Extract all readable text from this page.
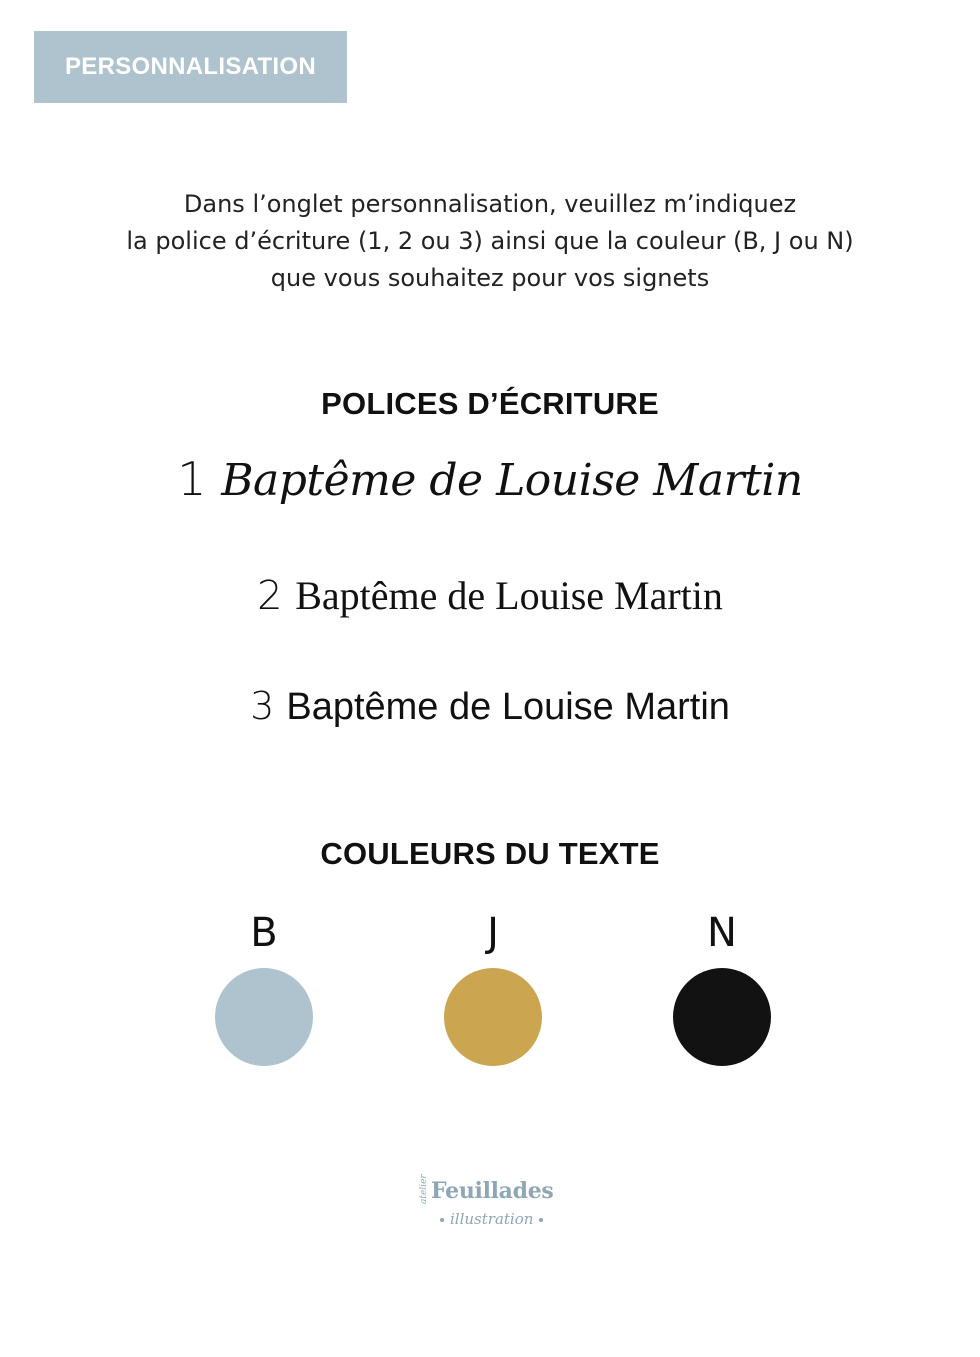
PERSONNALISATION
Dans l’onglet personnalisation, veuillez m’indiquez
la police d’écriture (1, 2 ou 3) ainsi que la couleur (B, J ou N)
que vous souhaitez pour vos signets
POLICES D’ÉCRITURE
1 Baptême de Louise Martin
2 Baptême de Louise Martin
3 Baptême de Louise Martin
COULEURS DU TEXTE
B	J	N
atelier Feuillades
illustration
